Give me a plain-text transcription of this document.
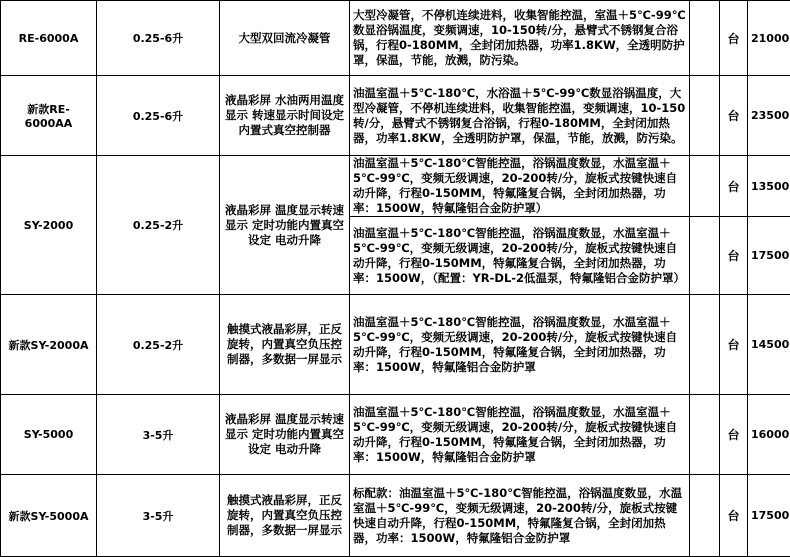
RE-6000A	0.25-6升	大型双回流冷凝管	大型冷凝管，不停机连续进料，收集智能控温，室温＋5℃-99℃数显浴锅温度，变频调速，10-150转/分，悬臂式不锈钢复合浴锅，行程0-180MM，全封闭加热器，功率1.8KW，全透明防护罩，保温，节能，放溅，防污染。		台	21000
新款RE-6000AA	0.25-6升	液晶彩屏 水油两用温度显示 转速显示时间设定 内置式真空控制器	油温室温＋5℃-180℃，水浴温＋5℃-99℃数显浴锅温度，大型冷凝管，不停机连续进料，收集智能控温，变频调速，10-150转/分，悬臂式不锈钢复合浴锅，行程0-180MM，全封闭加热器，功率1.8KW，全透明防护罩，保温，节能，放溅，防污染。		台	23500
SY-2000	0.25-2升	液晶彩屏 温度显示转速显示 定时功能内置真空设定 电动升降	油温室温＋5℃-180℃智能控温，浴锅温度数显，水温室温＋5℃-99℃，变频无级调速，20-200转/分，旋板式按键快速自动升降，行程0-150MM，特氟隆复合锅，全封闭加热器，功率：1500W，特氟隆铝合金防护罩）		台	13500
			油温室温＋5℃-180℃智能控温，浴锅温度数显，水温室温＋5℃-99℃，变频无级调速，20-200转/分，旋板式按键快速自动升降，行程0-150MM，特氟隆复合锅，全封闭加热器，功率：1500W，（配置：YR-DL-2低温泵，特氟隆铝合金防护罩）		台	17500
新款SY-2000A	0.25-2升	触摸式液晶彩屏，正反旋转，内置真空负压控制器，多数据一屏显示	油温室温＋5℃-180℃智能控温，浴锅温度数显，水温室温＋5℃-99℃，变频无级调速，20-200转/分，旋板式按键快速自动升降，行程0-150MM，特氟隆复合锅，全封闭加热器，功率：1500W，特氟隆铝合金防护罩		台	14500
SY-5000	3-5升	液晶彩屏 温度显示转速显示 定时功能内置真空设定 电动升降	油温室温＋5℃-180℃智能控温，浴锅温度数显，水温室温＋5℃-99℃，变频无级调速，20-200转/分，旋板式按键快速自动升降，行程0-150MM，特氟隆复合锅，全封闭加热器，功率：1500W，特氟隆铝合金防护罩		台	16000
新款SY-5000A	3-5升	触摸式液晶彩屏，正反旋转，内置真空负压控制器，多数据一屏显示	标配款：油温室温＋5℃-180℃智能控温，浴锅温度数显，水温室温＋5℃-99℃，变频无级调速，20-200转/分，旋板式按键快速自动升降，行程0-150MM，特氟隆复合锅，全封闭加热器，功率：1500W，特氟隆铝合金防护罩		台	17500
